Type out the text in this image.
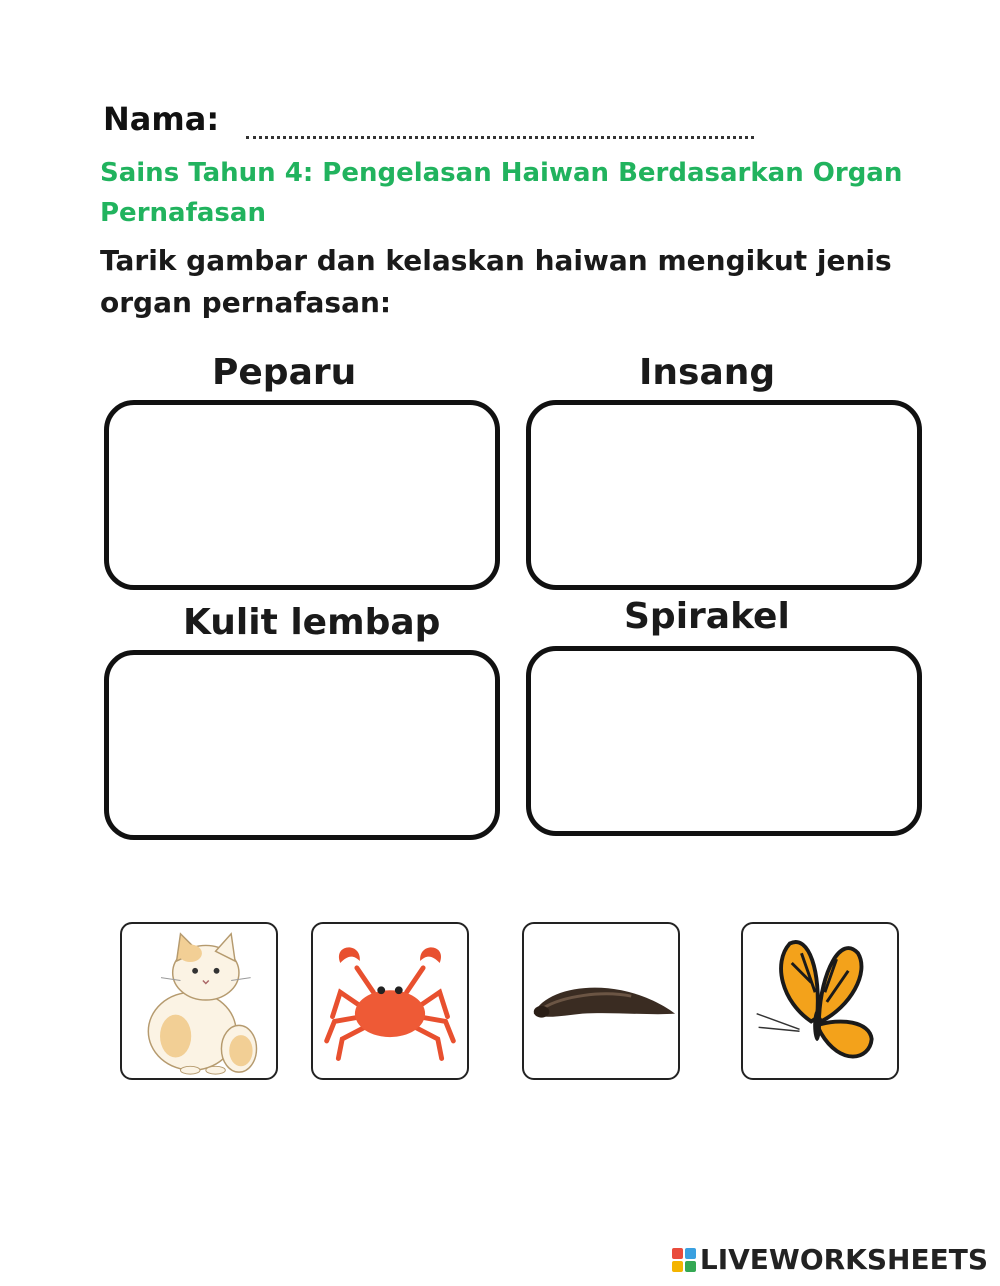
Nama:
Sains Tahun 4: Pengelasan Haiwan Berdasarkan Organ Pernafasan
Tarik gambar dan kelaskan haiwan mengikut jenis organ pernafasan:
Peparu	Insang
Kulit lembap	Spirakel
LIVEWORKSHEETS
